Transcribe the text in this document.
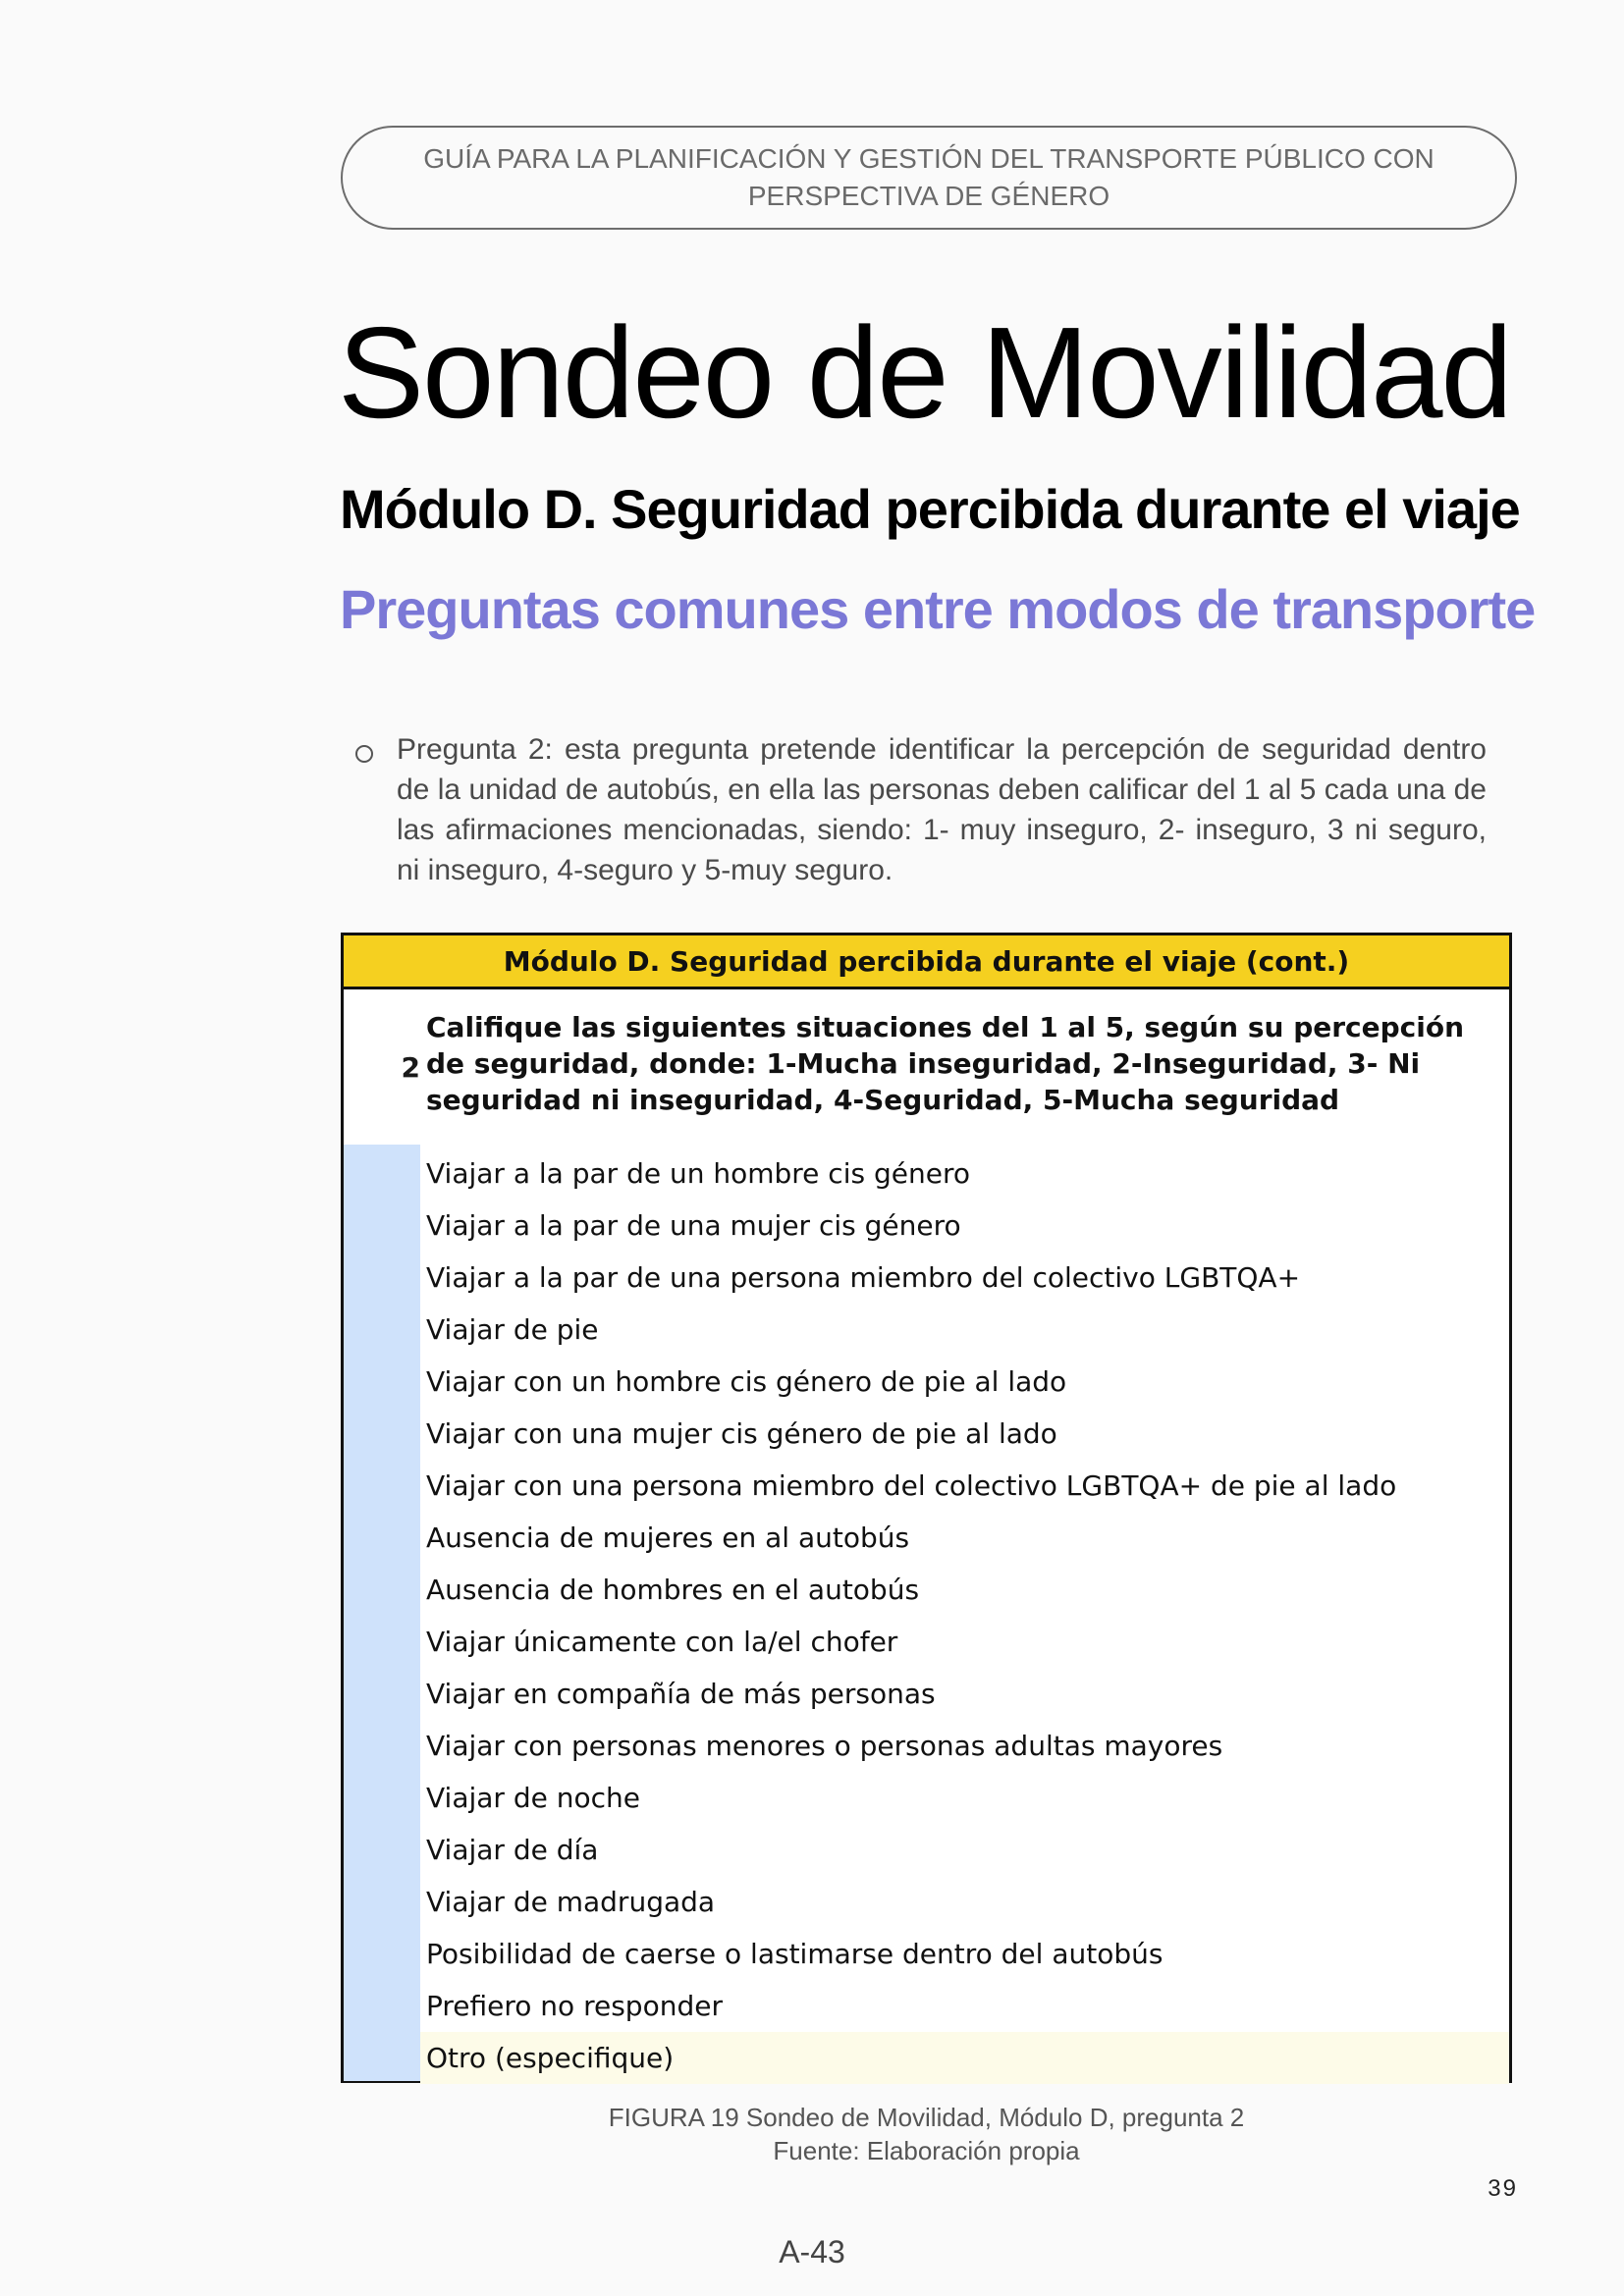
GUÍA PARA LA PLANIFICACIÓN Y GESTIÓN DEL TRANSPORTE PÚBLICO CON
PERSPECTIVA DE GÉNERO
Sondeo de Movilidad
Módulo D. Seguridad percibida durante el viaje
Preguntas comunes entre modos de transporte
Pregunta 2: esta pregunta pretende identificar la percepción de seguridad dentro de la unidad de autobús, en ella las personas deben calificar del 1 al 5 cada una de las afirmaciones mencionadas, siendo: 1- muy inseguro, 2- inseguro, 3 ni seguro, ni inseguro, 4-seguro y 5-muy seguro.
Módulo D. Seguridad percibida durante el viaje (cont.)
2
Califique las siguientes situaciones del 1 al 5, según su percepción de seguridad, donde: 1-Mucha inseguridad, 2-Inseguridad, 3- Ni seguridad ni inseguridad, 4-Seguridad, 5-Mucha seguridad
Viajar a la par de un hombre cis género
Viajar a la par de una mujer cis género
Viajar a la par de una persona miembro del colectivo LGBTQA+
Viajar de pie
Viajar con un hombre cis género de pie al lado
Viajar con una mujer cis género de pie al lado
Viajar con una persona miembro del colectivo LGBTQA+ de pie al lado
Ausencia de mujeres en al autobús
Ausencia de hombres en el autobús
Viajar únicamente con la/el chofer
Viajar en compañía de más personas
Viajar con personas menores o personas adultas mayores
Viajar de noche
Viajar de día
Viajar de madrugada
Posibilidad de caerse o lastimarse dentro del autobús
Prefiero no responder
Otro (especifique)
FIGURA 19 Sondeo de Movilidad, Módulo D, pregunta 2
Fuente: Elaboración propia
39
A-43
